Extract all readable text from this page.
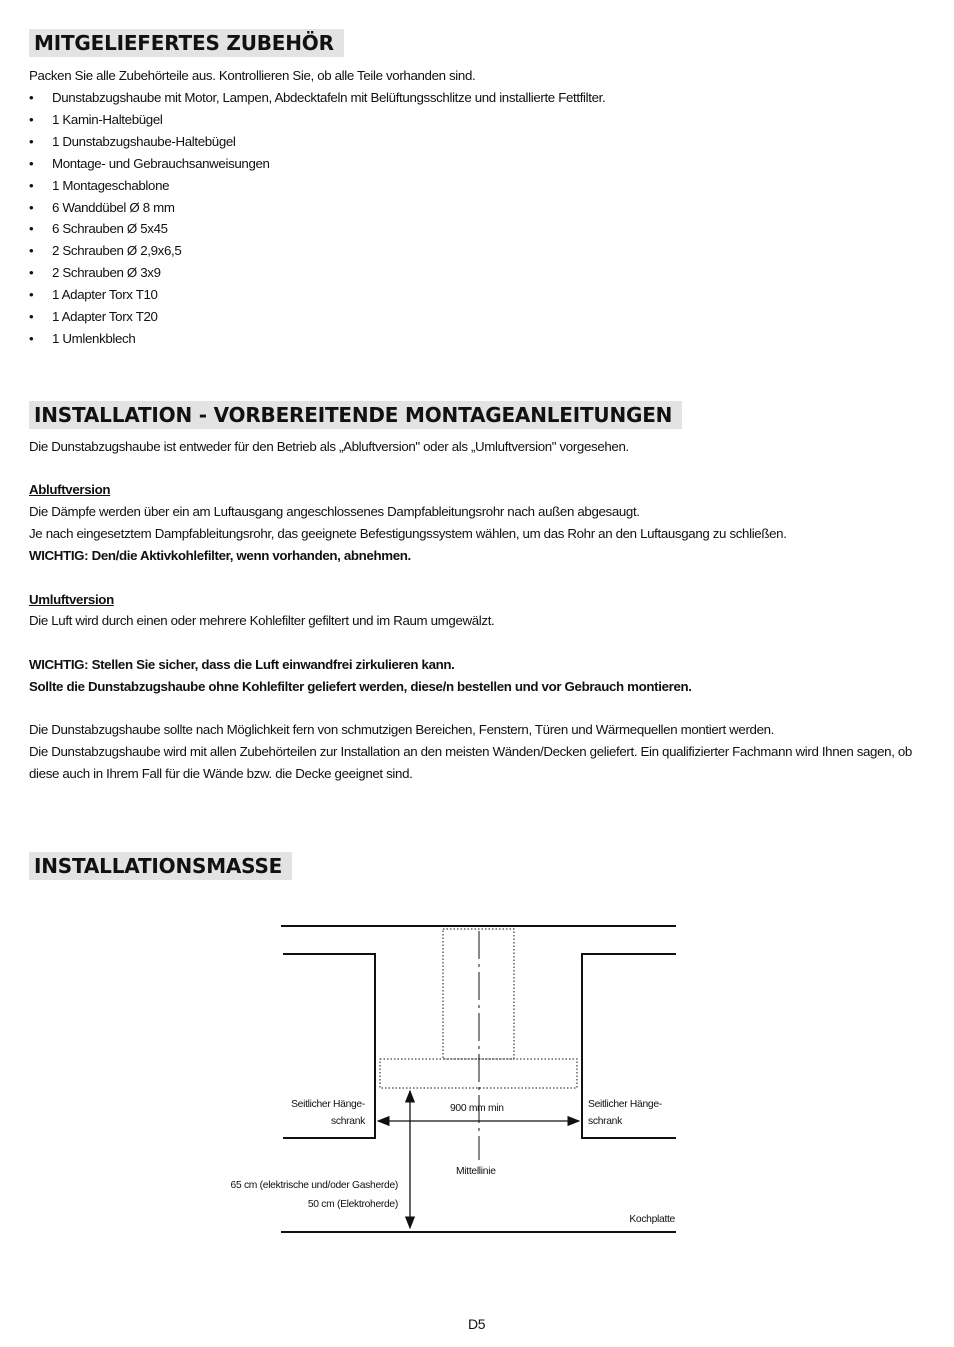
MITGELIEFERTES ZUBEHÖR
Packen Sie alle Zubehörteile aus. Kontrollieren Sie, ob alle Teile vorhanden sind.
• Dunstabzugshaube mit Motor, Lampen, Abdecktafeln mit Belüftungsschlitze und installierte Fettfilter.
• 1 Kamin-Haltebügel
• 1 Dunstabzugshaube-Haltebügel
• Montage- und Gebrauchsanweisungen
• 1 Montageschablone
• 6 Wanddübel Ø 8 mm
• 6 Schrauben Ø 5x45
• 2 Schrauben Ø 2,9x6,5
• 2 Schrauben Ø 3x9
• 1 Adapter Torx T10
• 1 Adapter Torx T20
• 1 Umlenkblech
INSTALLATION - VORBEREITENDE MONTAGEANLEITUNGEN
Die Dunstabzugshaube ist entweder für den Betrieb als „Abluftversion" oder als „Umluftversion" vorgesehen.
Abluftversion
Die Dämpfe werden über ein am Luftausgang angeschlossenes Dampfableitungsrohr nach außen abgesaugt.
Je nach eingesetztem Dampfableitungsrohr, das geeignete Befestigungssystem wählen, um das Rohr an den Luftausgang zu schließen.
WICHTIG: Den/die Aktivkohlefilter, wenn vorhanden, abnehmen.
Umluftversion
Die Luft wird durch einen oder mehrere Kohlefilter gefiltert und im Raum umgewälzt.
WICHTIG: Stellen Sie sicher, dass die Luft einwandfrei zirkulieren kann.
Sollte die Dunstabzugshaube ohne Kohlefilter geliefert werden, diese/n bestellen und vor Gebrauch montieren.
Die Dunstabzugshaube sollte nach Möglichkeit fern von schmutzigen Bereichen, Fenstern, Türen und Wärmequellen montiert werden.
Die Dunstabzugshaube wird mit allen Zubehörteilen zur Installation an den meisten Wänden/Decken geliefert. Ein qualifizierter Fachmann wird Ihnen sagen, ob diese auch in Ihrem Fall für die Wände bzw. die Decke geeignet sind.
INSTALLATIONSMASSE
Seitlicher Hänge-
schrank
Seitlicher Hänge-
schrank
900 mm min
Mittellinie
65 cm (elektrische und/oder Gasherde)
50 cm (Elektroherde)
Kochplatte
D5
